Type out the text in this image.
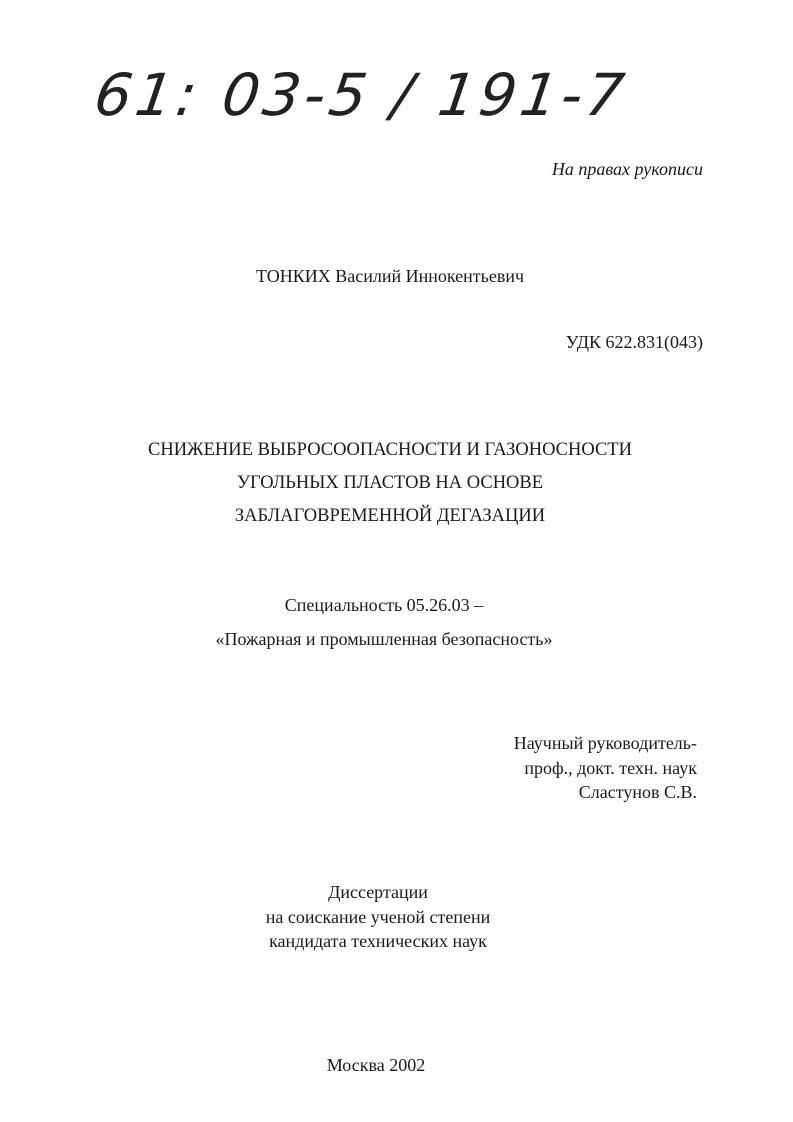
61: 03-5 / 191-7
На правах рукописи
ТОНКИХ Василий Иннокентьевич
УДК 622.831(043)
СНИЖЕНИЕ ВЫБРОСООПАСНОСТИ И ГАЗОНОСНОСТИ
УГОЛЬНЫХ ПЛАСТОВ НА ОСНОВЕ
ЗАБЛАГОВРЕМЕННОЙ ДЕГАЗАЦИИ
Специальность 05.26.03 –
«Пожарная и промышленная безопасность»
Научный руководитель-
проф., докт. техн. наук
Сластунов С.В.
Диссертации
на соискание ученой степени
кандидата технических наук
Москва 2002
